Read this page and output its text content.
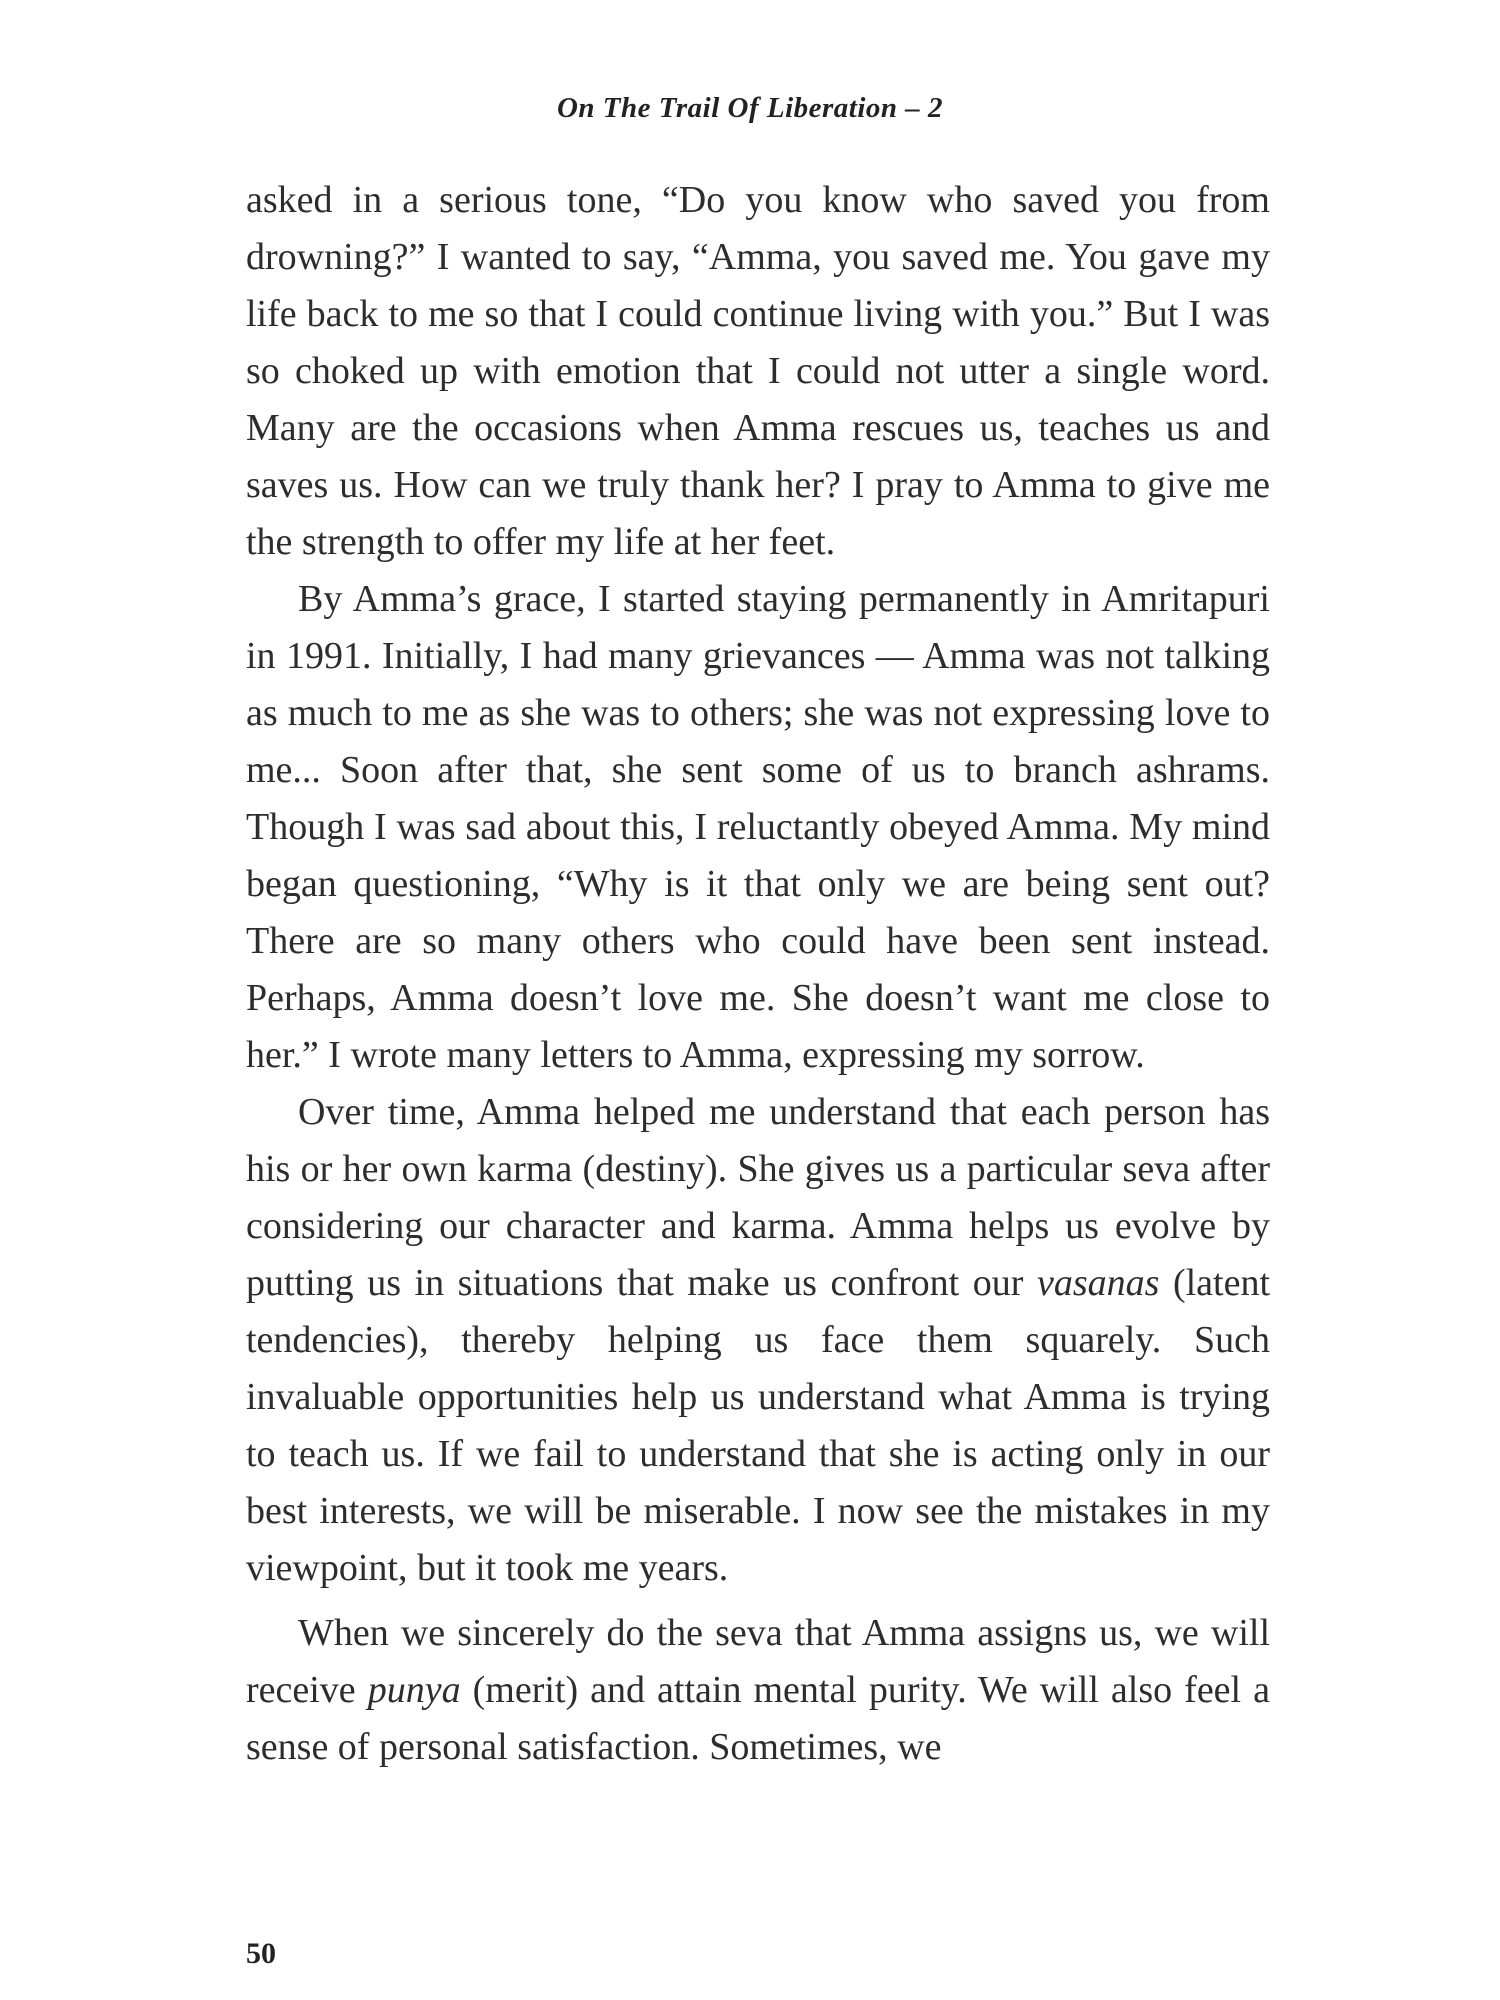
On The Trail Of Liberation – 2

asked in a serious tone, “Do you know who saved you from drowning?” I wanted to say, “Amma, you saved me. You gave my life back to me so that I could continue living with you.” But I was so choked up with emotion that I could not utter a single word. Many are the occasions when Amma rescues us, teaches us and saves us. How can we truly thank her? I pray to Amma to give me the strength to offer my life at her feet.

By Amma’s grace, I started staying permanently in Amritapuri in 1991. Initially, I had many grievances — Amma was not talking as much to me as she was to others; she was not expressing love to me... Soon after that, she sent some of us to branch ashrams. Though I was sad about this, I reluctantly obeyed Amma. My mind began questioning, “Why is it that only we are being sent out? There are so many others who could have been sent instead. Perhaps, Amma doesn’t love me. She doesn’t want me close to her.” I wrote many letters to Amma, expressing my sorrow.

Over time, Amma helped me understand that each person has his or her own karma (destiny). She gives us a particular seva after considering our character and karma. Amma helps us evolve by putting us in situations that make us confront our vasanas (latent tendencies), thereby helping us face them squarely. Such invaluable opportunities help us understand what Amma is trying to teach us. If we fail to understand that she is acting only in our best interests, we will be miserable. I now see the mistakes in my viewpoint, but it took me years.

When we sincerely do the seva that Amma assigns us, we will receive punya (merit) and attain mental purity. We will also feel a sense of personal satisfaction. Sometimes, we

50
